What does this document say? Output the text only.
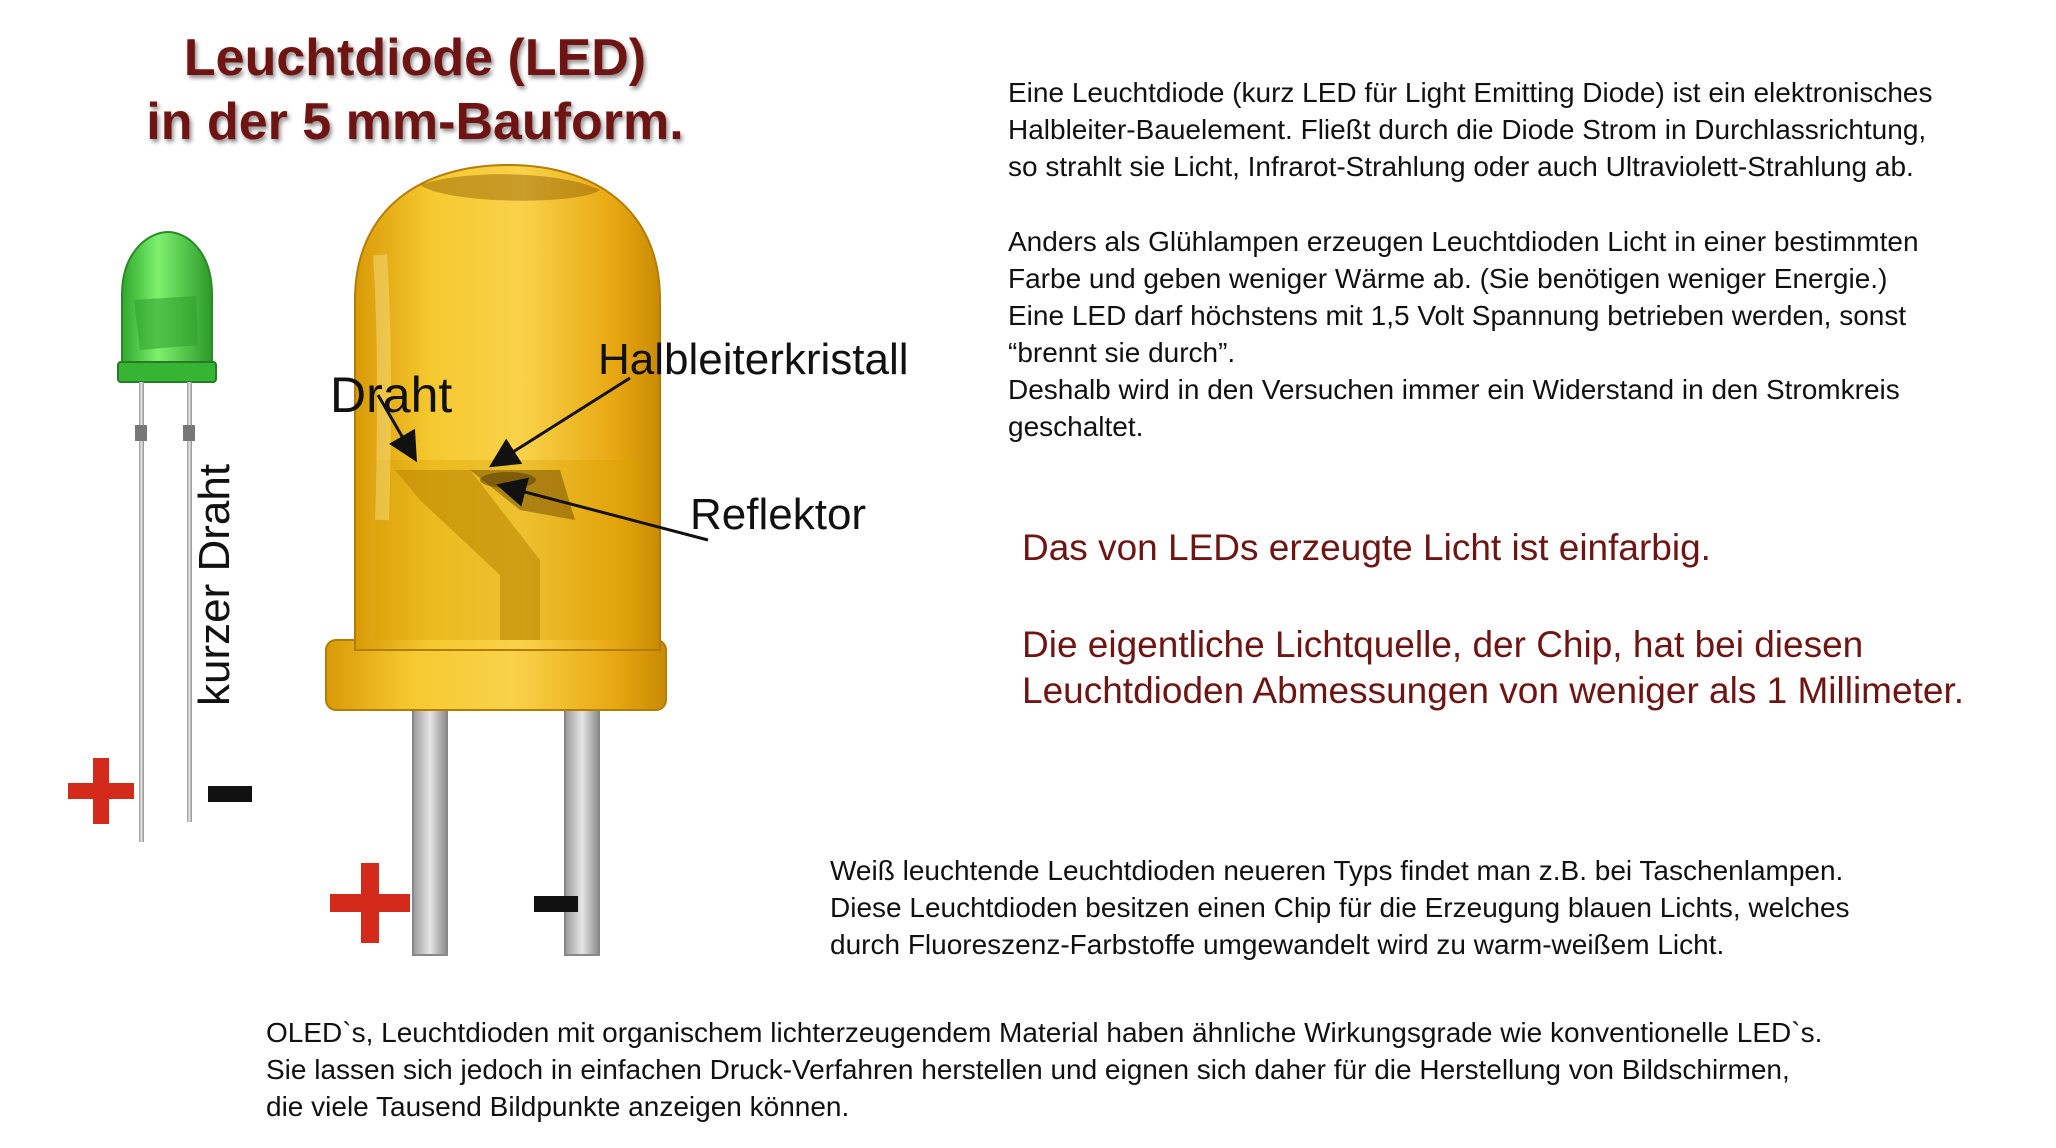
Leuchtdiode (LED)
in der 5 mm-Bauform.
Draht
Halbleiterkristall
Reflektor
kurzer Draht
Eine Leuchtdiode (kurz LED für Light Emitting Diode) ist ein elektronisches
Halbleiter-Bauelement. Fließt durch die Diode Strom in Durchlassrichtung,
so strahlt sie Licht, Infrarot-Strahlung oder auch Ultraviolett-Strahlung ab.
Anders als Glühlampen erzeugen Leuchtdioden Licht in einer bestimmten
Farbe und geben weniger Wärme ab. (Sie benötigen weniger Energie.)
Eine LED darf höchstens mit 1,5 Volt Spannung betrieben werden, sonst
“brennt sie durch”.
Deshalb wird in den Versuchen immer ein Widerstand in den Stromkreis
geschaltet.
Das von LEDs erzeugte Licht ist einfarbig.
Die eigentliche Lichtquelle, der Chip, hat bei diesen
Leuchtdioden Abmessungen von weniger als 1 Millimeter.
Weiß leuchtende Leuchtdioden neueren Typs findet man z.B. bei Taschenlampen.
Diese Leuchtdioden besitzen einen Chip für die Erzeugung blauen Lichts, welches
durch Fluoreszenz-Farbstoffe umgewandelt wird zu warm-weißem Licht.
OLED`s, Leuchtdioden mit organischem lichterzeugendem Material haben ähnliche Wirkungsgrade wie konventionelle LED`s.
Sie lassen sich jedoch in einfachen Druck-Verfahren herstellen und eignen sich daher für die Herstellung von Bildschirmen,
die viele Tausend Bildpunkte anzeigen können.
